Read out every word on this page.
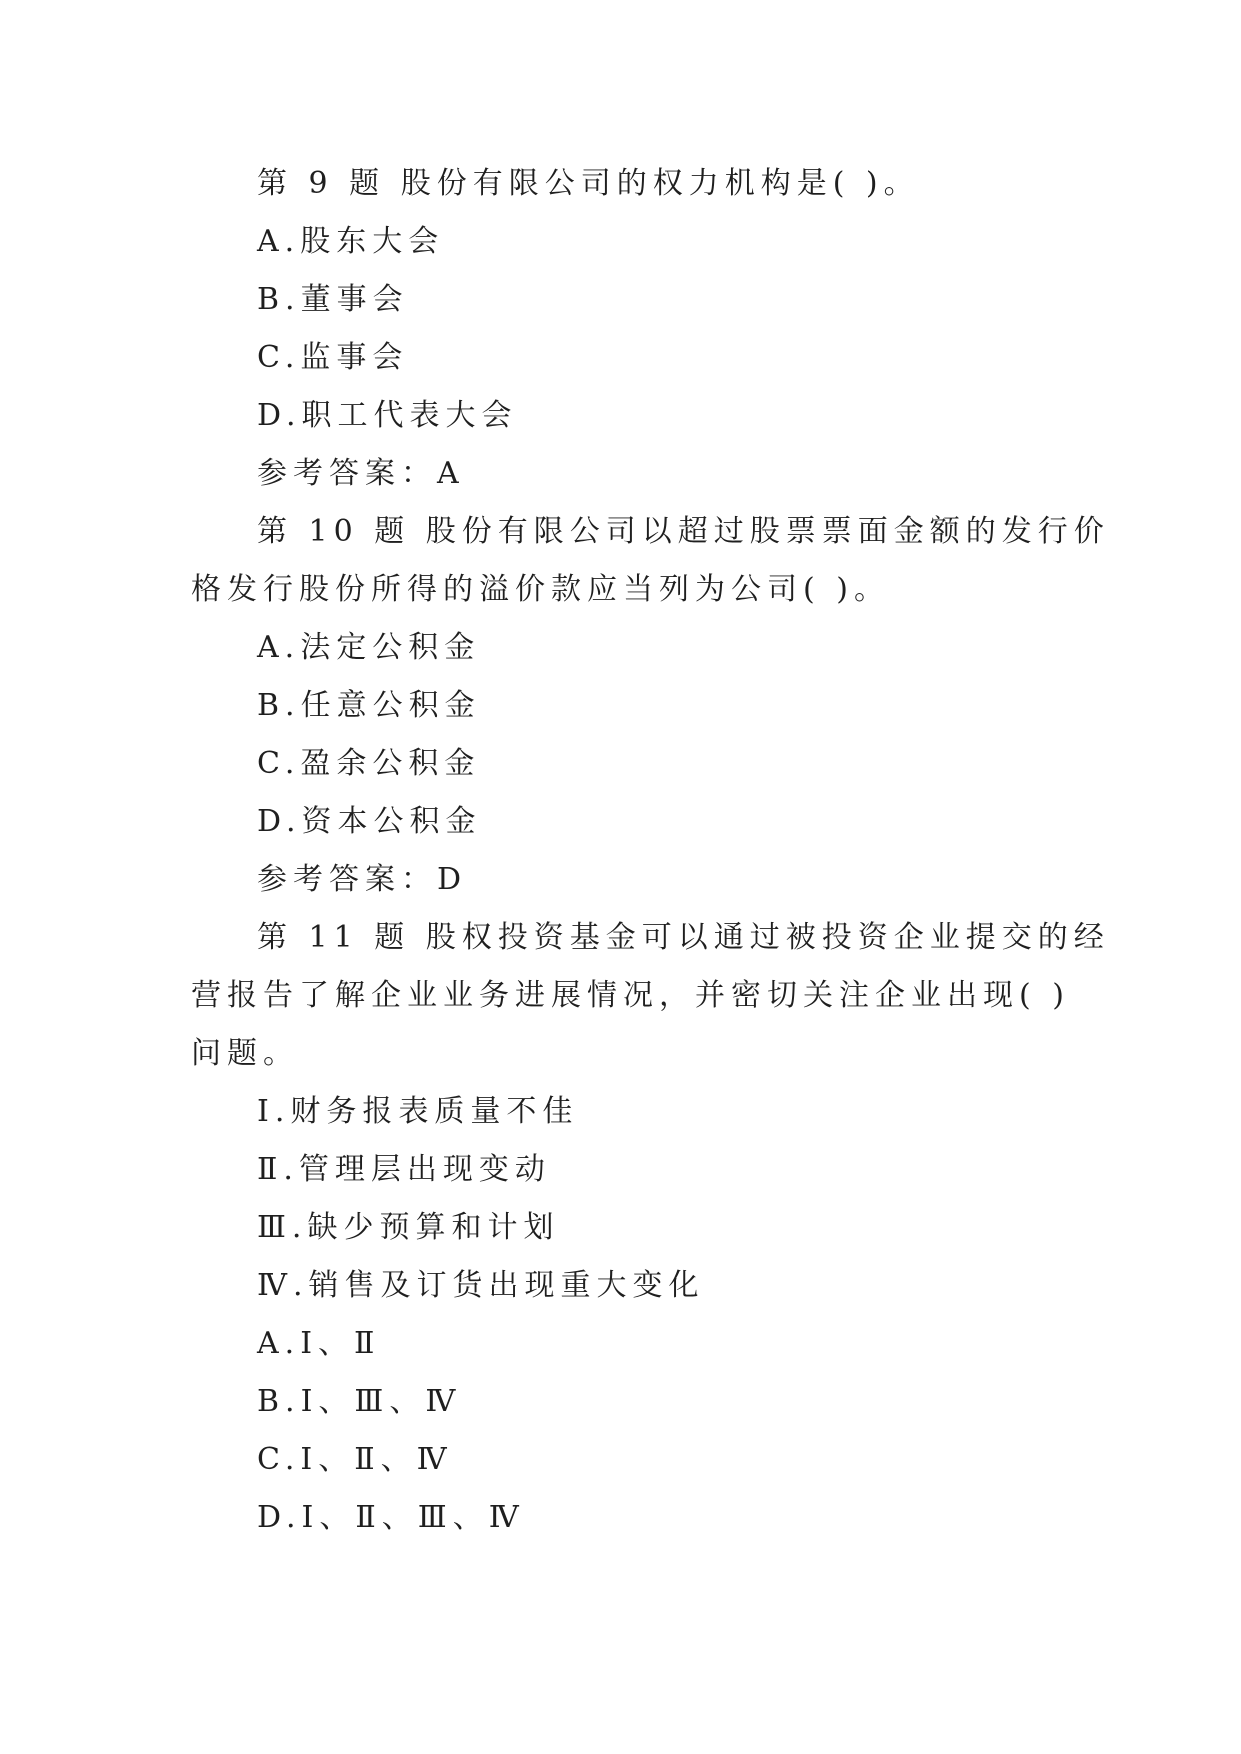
第 9 题 股份有限公司的权力机构是( )。
A.股东大会
B.董事会
C.监事会
D.职工代表大会
参考答案：A
第 10 题 股份有限公司以超过股票票面金额的发行价
格发行股份所得的溢价款应当列为公司( )。
A.法定公积金
B.任意公积金
C.盈余公积金
D.资本公积金
参考答案：D
第 11 题 股权投资基金可以通过被投资企业提交的经
营报告了解企业业务进展情况，并密切关注企业出现( )
问题。
Ⅰ.财务报表质量不佳
Ⅱ.管理层出现变动
Ⅲ.缺少预算和计划
Ⅳ.销售及订货出现重大变化
A.Ⅰ、Ⅱ
B.Ⅰ、Ⅲ、Ⅳ
C.Ⅰ、Ⅱ、Ⅳ
D.Ⅰ、Ⅱ、Ⅲ、Ⅳ
